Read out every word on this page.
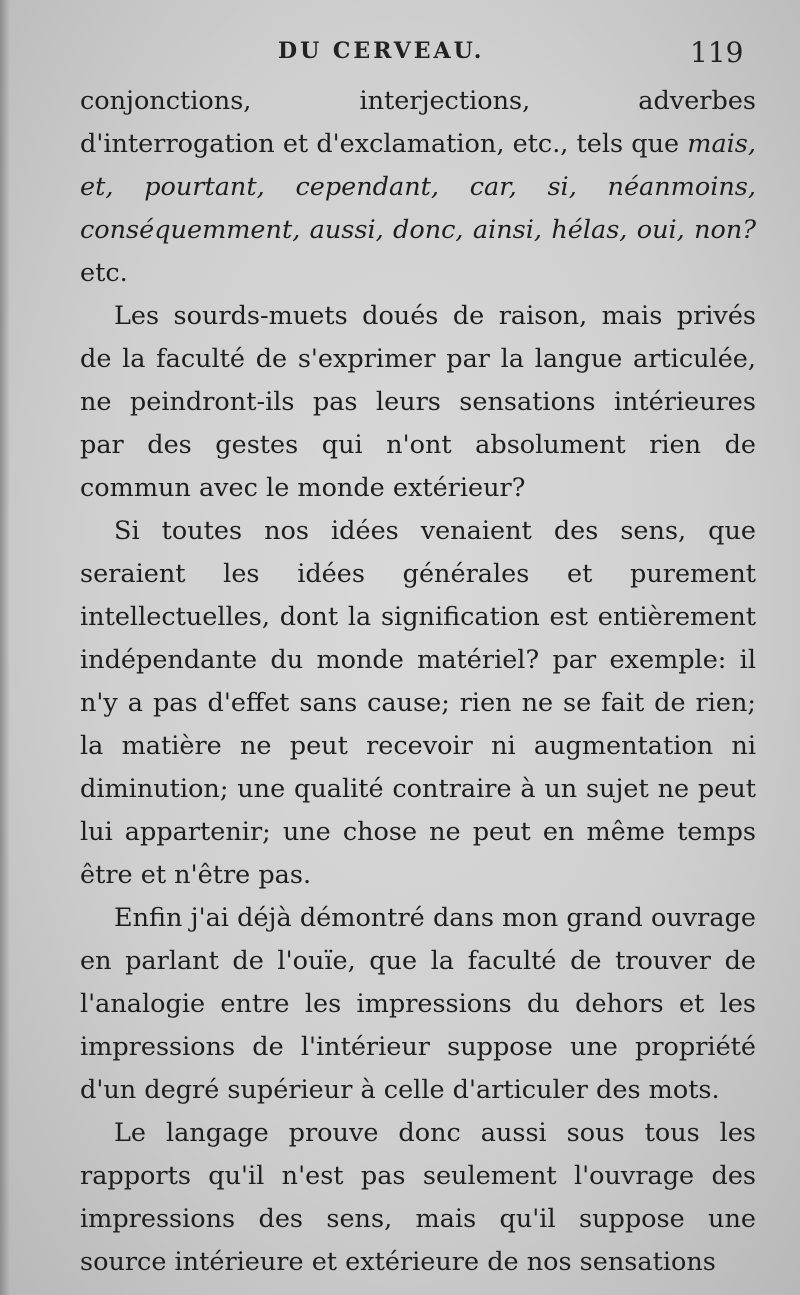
DU CERVEAU.	119

conjonctions, interjections, adverbes d'interrogation et d'exclamation, etc., tels que mais, et, pourtant, cependant, car, si, néanmoins, conséquemment, aussi, donc, ainsi, hélas, oui, non? etc.

Les sourds-muets doués de raison, mais privés de la faculté de s'exprimer par la langue articulée, ne peindront-ils pas leurs sensations intérieures par des gestes qui n'ont absolument rien de commun avec le monde extérieur?

Si toutes nos idées venaient des sens, que seraient les idées générales et purement intellectuelles, dont la signification est entièrement indépendante du monde matériel? par exemple: il n'y a pas d'effet sans cause; rien ne se fait de rien; la matière ne peut recevoir ni augmentation ni diminution; une qualité contraire à un sujet ne peut lui appartenir; une chose ne peut en même temps être et n'être pas.

Enfin j'ai déjà démontré dans mon grand ouvrage en parlant de l'ouïe, que la faculté de trouver de l'analogie entre les impressions du dehors et les impressions de l'intérieur suppose une propriété d'un degré supérieur à celle d'articuler des mots.

Le langage prouve donc aussi sous tous les rapports qu'il n'est pas seulement l'ouvrage des impressions des sens, mais qu'il suppose une source intérieure et extérieure de nos sensations
